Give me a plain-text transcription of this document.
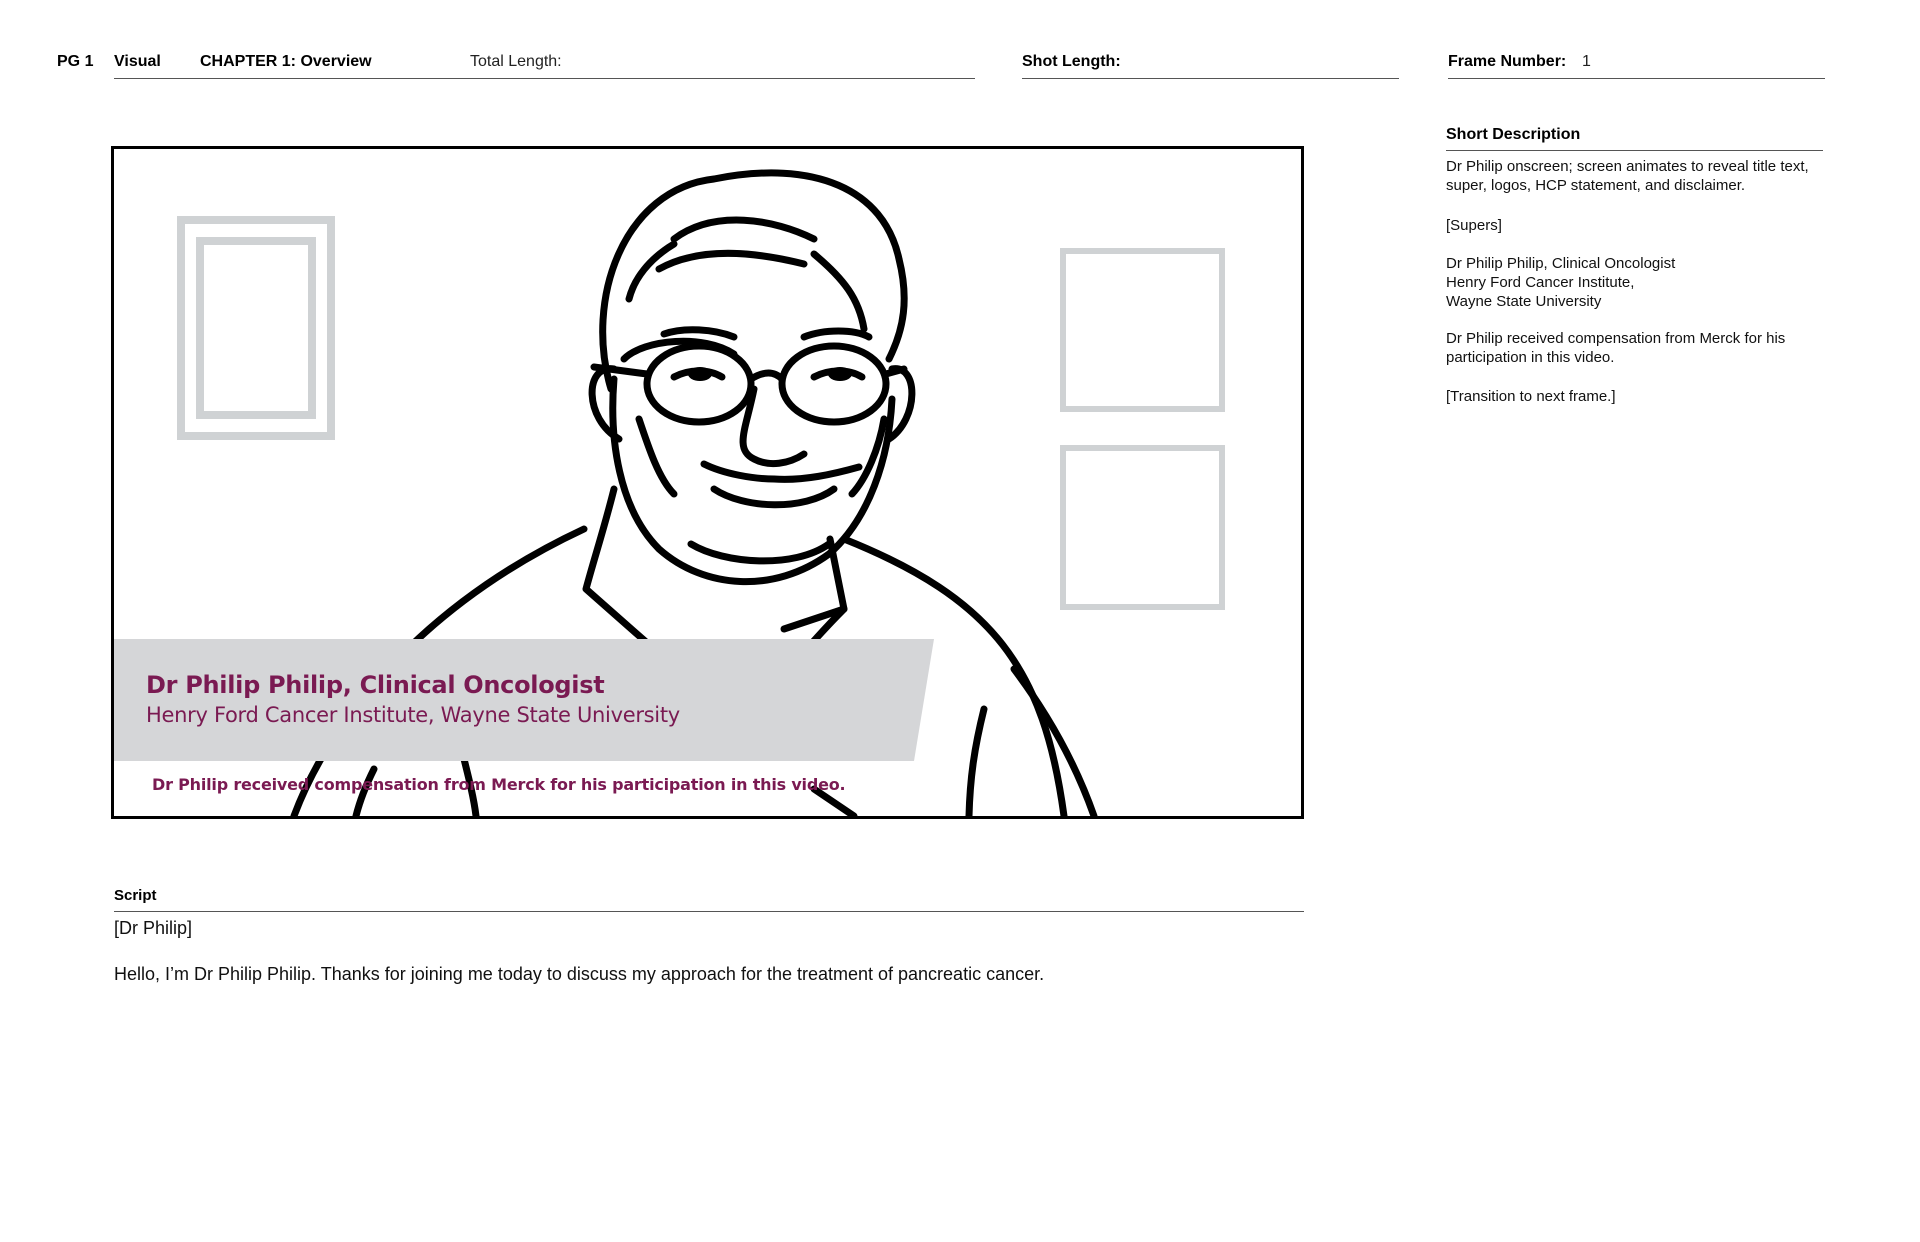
PG 1 Visual CHAPTER 1: Overview	Total Length:	Shot Length:	Frame Number: 1
Dr Philip Philip, Clinical Oncologist
Henry Ford Cancer Institute, Wayne State University
Dr Philip received compensation from Merck for his participation in this video.
Short Description
Dr Philip onscreen; screen animates to reveal title text, super, logos, HCP statement, and disclaimer.
[Supers]
Dr Philip Philip, Clinical Oncologist
Henry Ford Cancer Institute,
Wayne State University
Dr Philip received compensation from Merck for his participation in this video.
[Transition to next frame.]
Script
[Dr Philip]
Hello, I’m Dr Philip Philip. Thanks for joining me today to discuss my approach for the treatment of pancreatic cancer.
